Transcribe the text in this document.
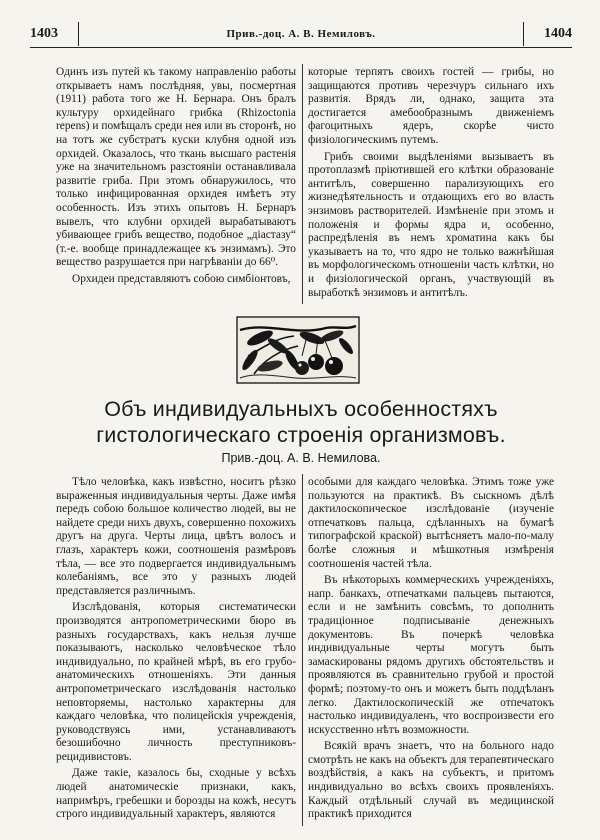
1403	Прив.-доц. А. В. Немиловъ.	1404

Одинъ изъ путей къ такому направленію работы открываетъ намъ послѣдняя, увы, посмертная (1911) работа того же Н. Бернара. Онъ бралъ культуру орхидейнаго грибка (Rhizoctonia repens) и помѣщалъ среди нея или въ сторонѣ, но на тотъ же субстратъ куски клубня одной изъ орхидей. Оказалось, что ткань высшаго растенія уже на значительномъ разстояніи останавливала развитіе гриба. При этомъ обнаружилось, что только инфицированная орхидея имѣетъ эту особенность. Изъ этихъ опытовъ Н. Бернаръ вывелъ, что клубни орхидей вырабатываютъ убивающее грибъ вещество, подобное „діастазу“ (т.-е. вообще принадлежащее къ энзимамъ). Это вещество разрушается при нагрѣваніи до 66⁰.

Орхидеи представляютъ собою симбіонтовъ,

которые терпятъ своихъ гостей — грибы, но защищаются противъ черезчуръ сильнаго ихъ развитія. Врядъ ли, однако, защита эта достигается амебообразнымъ движеніемъ фагоцитныхъ ядеръ, скорѣе чисто физіологическимъ путемъ.

Грибъ своими выдѣленіями вызываетъ въ протоплазмѣ пріютившей его клѣтки образованіе антитѣлъ, совершенно парализующихъ его жизнедѣятельность и отдающихъ его во власть энзимовъ растворителей. Измѣненіе при этомъ и положенія и формы ядра и, особенно, распредѣленія въ немъ хроматина какъ бы указываетъ на то, что ядро не только важнѣйшая въ морфологическомъ отношеніи часть клѣтки, но и физіологической органъ, участвующій въ выработкѣ энзимовъ и антитѣлъ.

Объ индивидуальныхъ особенностяхъ гистологическаго строенія организмовъ.
Прив.-доц. А. В. Немилова.

Тѣло человѣка, какъ извѣстно, носитъ рѣзко выраженныя индивидуальныя черты. Даже имѣя передъ собою большое количество людей, вы не найдете среди нихъ двухъ, совершенно похожихъ другъ на друга. Черты лица, цвѣтъ волосъ и глазъ, характеръ кожи, соотношенія размѣровъ тѣла, — все это подвергается индивидуальнымъ колебаніямъ, все это у разныхъ людей представляется различнымъ.

Изслѣдованія, которыя систематически производятся антропометрическими бюро въ разныхъ государствахъ, какъ нельзя лучше показываютъ, насколько человѣческое тѣло индивидуально, по крайней мѣрѣ, въ его грубо-анатомическихъ отношеніяхъ. Эти данныя антропометрическаго изслѣдованія настолько неповторяемы, настолько характерны для каждаго человѣка, что полицейскія учрежденія, руководствуясь ими, устанавливаютъ безошибочно личность преступниковъ-рецидивистовъ.

Даже такіе, казалось бы, сходные у всѣхъ людей анатомическіе признаки, какъ, напримѣръ, гребешки и борозды на кожѣ, несутъ строго индивидуальный характеръ, являются

особыми для каждаго человѣка. Этимъ тоже уже пользуются на практикѣ. Въ сыскномъ дѣлѣ дактилоскопическое изслѣдованіе (изученіе отпечатковъ пальца, сдѣланныхъ на бумагѣ типографской краской) вытѣсняетъ мало-по-малу болѣе сложныя и мѣшкотныя измѣренія соотношенія частей тѣла.

Въ нѣкоторыхъ коммерческихъ учрежденіяхъ, напр. банкахъ, отпечатками пальцевъ пытаются, если и не замѣнить совсѣмъ, то дополнить традиціонное подписываніе денежныхъ документовъ. Въ почеркѣ человѣка индивидуальные черты могутъ быть замаскированы рядомъ другихъ обстоятельствъ и проявляются въ сравнительно грубой и простой формѣ; поэтому-то онъ и можетъ быть поддѣланъ легко. Дактилоскопическій же отпечатокъ настолько индивидуаленъ, что воспроизвести его искусственно нѣтъ возможности.

Всякій врачъ знаетъ, что на больного надо смотрѣть не какъ на объектъ для терапевтическаго воздѣйствія, а какъ на субъектъ, и притомъ индивидуально во всѣхъ своихъ проявленіяхъ. Каждый отдѣльный случай въ медицинской практикѣ приходится
